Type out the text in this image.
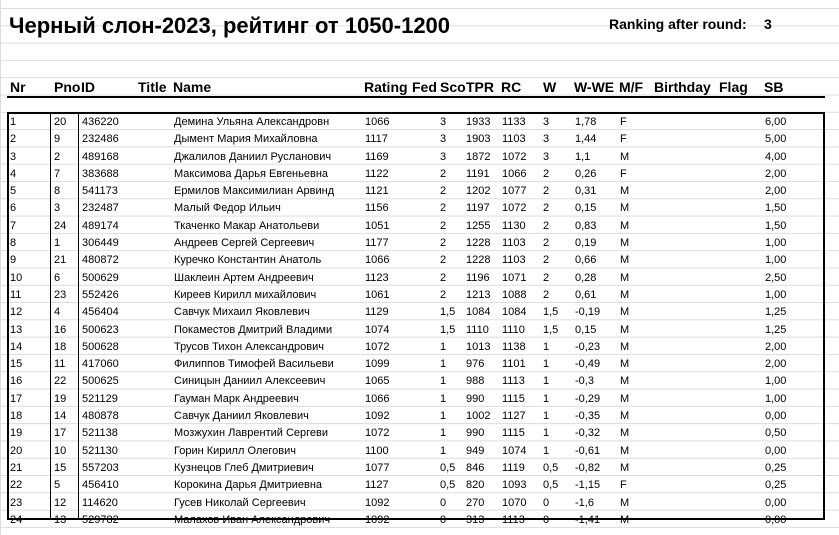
Черный слон-2023, рейтинг от 1050-1200	Ranking after round: 3
Nr Pno ID	Title Name	Rating Fed Sco TPR RC W W-WE M/F Birthday Flag SB
1	20 436220	Демина Ульяна Александровн	1066	3 1933 1133 3 1,78 F	6,00
2	9 232486	Дымент Мария Михайловна	1117	3 1903 1103 3 1,44 F	5,00
3	2 489168	Джалилов Даниил Русланович	1169	3 1872 1072 3 1,1	M	4,00
4	7 383688	Максимова Дарья Евгеньевна	1122	2 1191 1066 2 0,26 F	2,00
5	8 541173	Ермилов Максимилиан Арвинд	1121	2 1202 1077 2 0,31 M	2,00
6	3 232487	Малый Федор Ильич	1156	2 1197 1072 2 0,15 M	1,50
7	24 489174	Ткаченко Макар Анатольеви	1051	2 1255 1130 2 0,83 M	1,50
8	1 306449	Андреев Сергей Сергеевич	1177	2 1228 1103 2 0,19 M	1,00
9	21 480872	Куречко Константин Анатоль	1066	2 1228 1103 2 0,66 M	1,00
10	6 500629	Шаклеин Артем Андреевич	1123	2 1196 1071 2 0,28 M	2,50
11	23 552426	Киреев Кирилл михайлович	1061	2 1213 1088 2 0,61 M	1,00
12	4 456404	Савчук Михаил Яковлевич	1129	1,5 1084 1084 1,5 -0,19 M	1,25
13	16 500623	Покаместов Дмитрий Владими	1074	1,5 1110 1110 1,5 0,15 M	1,25
14	18 500628	Трусов Тихон Александрович	1072	1 1013 1138 1 -0,23 M	2,00
15	11 417060	Филиппов Тимофей Васильеви	1099	1 976 1101 1 -0,49 M	2,00
16	22 500625	Синицын Даниил Алексеевич	1065	1 988 1113 1 -0,3 M	1,00
17	19 521129	Гауман Марк Андреевич	1066	1 990 1115 1 -0,29 M	1,00
18	14 480878	Савчук Даниил Яковлевич	1092	1 1002 1127 1 -0,35 M	0,00
19	17 521138	Мозжухин Лаврентий Сергеви	1072	1 990 1115 1 -0,32 M	0,50
20	10 521130	Горин Кирилл Олегович	1100	1 949 1074 1 -0,61 M	0,00
21	15 557203	Кузнецов Глеб Дмитриевич	1077	0,5 846 1119 0,5 -0,82 M	0,25
22	5 456410	Корокина Дарья Дмитриевна	1127	0,5 820 1093 0,5 -1,15 F	0,25
23	12 114620	Гусев Николай Сергеевич	1092	0 270 1070 0 -1,6 M	0,00
24	13 529782	Малахов Иван Александрович	1092	0 313 1113 0 -1,41 M	0,00
